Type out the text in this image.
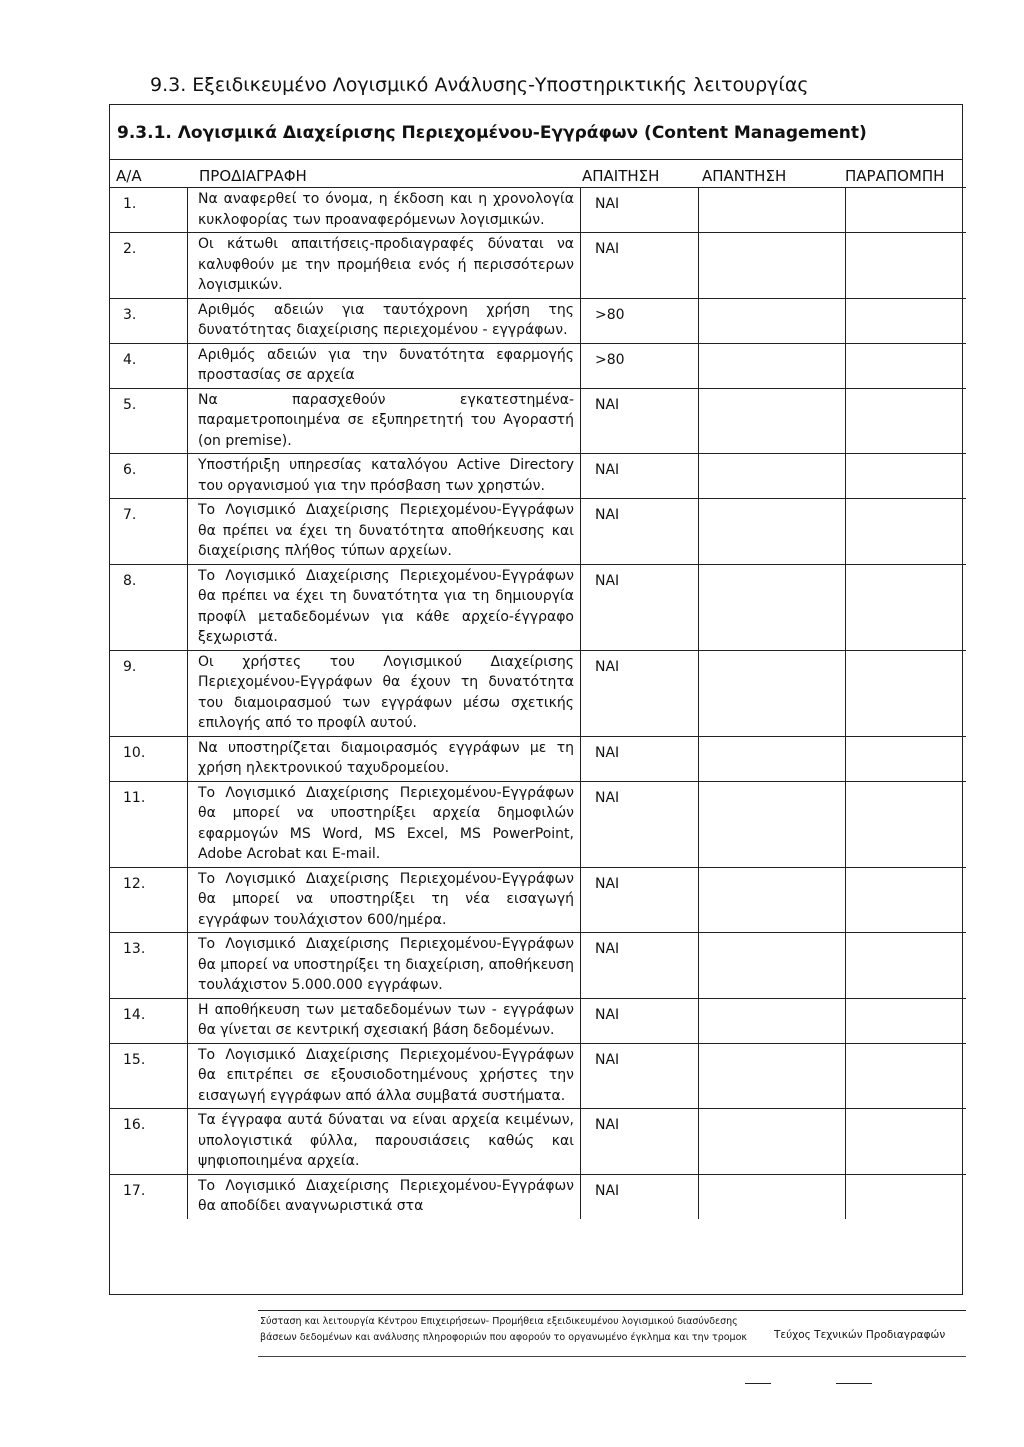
9.3. Εξειδικευμένο Λογισμικό Ανάλυσης-Υποστηρικτικής λειτουργίας
9.3.1. Λογισμικά Διαχείρισης Περιεχομένου-Εγγράφων (Content Management)
Α/Α	ΠΡΟΔΙΑΓΡΑΦΗ	ΑΠΑΙΤΗΣΗ	ΑΠΑΝΤΗΣΗ	ΠΑΡΑΠΟΜΠΗ
1.	Να αναφερθεί το όνομα, η έκδοση και η χρονολογία κυκλοφορίας των προαναφερόμενων λογισμικών.	ΝΑΙ		

2.	Οι κάτωθι απαιτήσεις-προδιαγραφές δύναται να καλυφθούν με την προμήθεια ενός ή περισσότερων λογισμικών.	ΝΑΙ		

3.	Αριθμός αδειών για ταυτόχρονη χρήση της δυνατότητας διαχείρισης περιεχομένου - εγγράφων.	>80		

4.	Αριθμός αδειών για την δυνατότητα εφαρμογής προστασίας σε αρχεία	>80		

5.	Να παρασχεθούν εγκατεστημένα-παραμετροποιημένα σε εξυπηρετητή του Αγοραστή (on premise).	ΝΑΙ		

6.	Υποστήριξη υπηρεσίας καταλόγου Active Directory του οργανισμού για την πρόσβαση των χρηστών.	ΝΑΙ		

7.	Το Λογισμικό Διαχείρισης Περιεχομένου-Εγγράφων θα πρέπει να έχει τη δυνατότητα αποθήκευσης και διαχείρισης πλήθος τύπων αρχείων.	ΝΑΙ		

8.	Το Λογισμικό Διαχείρισης Περιεχομένου-Εγγράφων θα πρέπει να έχει τη δυνατότητα για τη δημιουργία προφίλ μεταδεδομένων για κάθε αρχείο-έγγραφο ξεχωριστά.	ΝΑΙ		

9.	Οι χρήστες του Λογισμικού Διαχείρισης Περιεχομένου-Εγγράφων θα έχουν τη δυνατότητα του διαμοιρασμού των εγγράφων μέσω σχετικής επιλογής από το προφίλ αυτού.	ΝΑΙ		

10.	Να υποστηρίζεται διαμοιρασμός εγγράφων με τη χρήση ηλεκτρονικού ταχυδρομείου.	ΝΑΙ		

11.	Το Λογισμικό Διαχείρισης Περιεχομένου-Εγγράφων θα μπορεί να υποστηρίξει αρχεία δημοφιλών εφαρμογών MS Word, MS Excel, MS PowerPoint, Adobe Acrobat και E-mail.	ΝΑΙ		

12.	Το Λογισμικό Διαχείρισης Περιεχομένου-Εγγράφων θα μπορεί να υποστηρίξει τη νέα εισαγωγή εγγράφων τουλάχιστον 600/ημέρα.	ΝΑΙ		

13.	Το Λογισμικό Διαχείρισης Περιεχομένου-Εγγράφων θα μπορεί να υποστηρίξει τη διαχείριση, αποθήκευση τουλάχιστον 5.000.000 εγγράφων.	ΝΑΙ		

14.	Η αποθήκευση των μεταδεδομένων των - εγγράφων θα γίνεται σε κεντρική σχεσιακή βάση δεδομένων.	ΝΑΙ		

15.	Το Λογισμικό Διαχείρισης Περιεχομένου-Εγγράφων θα επιτρέπει σε εξουσιοδοτημένους χρήστες την εισαγωγή εγγράφων από άλλα συμβατά συστήματα.	ΝΑΙ		

16.	Τα έγγραφα αυτά δύναται να είναι αρχεία κειμένων, υπολογιστικά φύλλα, παρουσιάσεις καθώς και ψηφιοποιημένα αρχεία.	ΝΑΙ		

17.	Το Λογισμικό Διαχείρισης Περιεχομένου-Εγγράφων θα αποδίδει αναγνωριστικά στα	ΝΑΙ		

Σύσταση και λειτουργία Κέντρου Επιχειρήσεων- Προμήθεια εξειδικευμένου λογισμικού διασύνδεσης βάσεων δεδομένων και ανάλυσης πληροφοριών που αφορούν το οργανωμένο έγκλημα και την τρομοκ	Τεύχος Τεχνικών Προδιαγραφών
